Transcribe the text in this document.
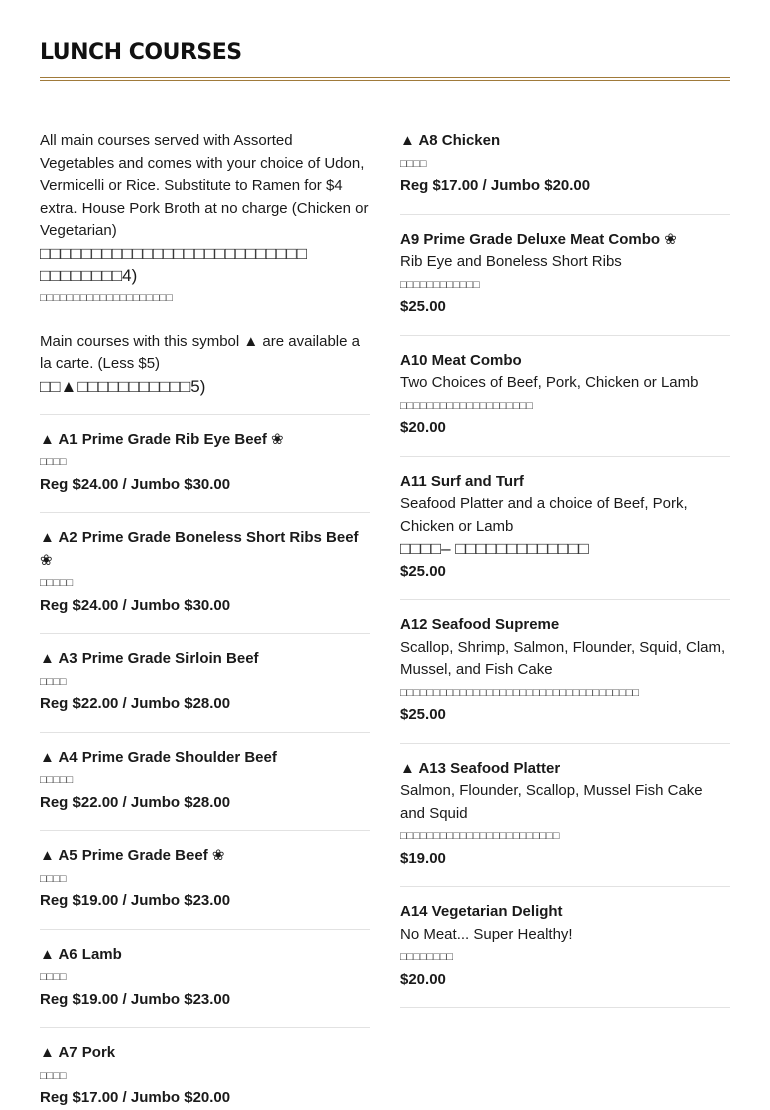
LUNCH COURSES

All main courses served with Assorted Vegetables and comes with your choice of Udon, Vermicelli or Rice. Substitute to Ramen for $4 extra. House Pork Broth at no charge (Chicken or Vegetarian)

□□□□□□□□□□□□□□□□□□□□□□□□□□ □□□□□□□□4)

□□□□□□□□□□□□□□□□□□□□

Main courses with this symbol ▲ are available a la carte. (Less $5)

□□▲□□□□□□□□□□□5)

▲ A1 Prime Grade Rib Eye Beef ❀

□□□□

Reg $24.00 / Jumbo $30.00

▲ A2 Prime Grade Boneless Short Ribs Beef ❀

□□□□□

Reg $24.00 / Jumbo $30.00

▲ A3 Prime Grade Sirloin Beef

□□□□

Reg $22.00 / Jumbo $28.00

▲ A4 Prime Grade Shoulder Beef

□□□□□

Reg $22.00 / Jumbo $28.00

▲ A5 Prime Grade Beef ❀

□□□□

Reg $19.00 / Jumbo $23.00

▲ A6 Lamb

□□□□

Reg $19.00 / Jumbo $23.00

▲ A7 Pork

□□□□

Reg $17.00 / Jumbo $20.00

▲ A8 Chicken

□□□□

Reg $17.00 / Jumbo $20.00

A9 Prime Grade Deluxe Meat Combo ❀

Rib Eye and Boneless Short Ribs

□□□□□□□□□□□□

$25.00

A10 Meat Combo

Two Choices of Beef, Pork, Chicken or Lamb

□□□□□□□□□□□□□□□□□□□□

$20.00

A11 Surf and Turf

Seafood Platter and a choice of Beef, Pork, Chicken or Lamb

□□□□– □□□□□□□□□□□□□

$25.00

A12 Seafood Supreme

Scallop, Shrimp, Salmon, Flounder, Squid, Clam, Mussel, and Fish Cake

□□□□□□□□□□□□□□□□□□□□□□□□□□□□□□□□□□□□

$25.00

▲ A13 Seafood Platter

Salmon, Flounder, Scallop, Mussel Fish Cake and Squid

□□□□□□□□□□□□□□□□□□□□□□□□

$19.00

A14 Vegetarian Delight

No Meat... Super Healthy!

□□□□□□□□

$20.00
